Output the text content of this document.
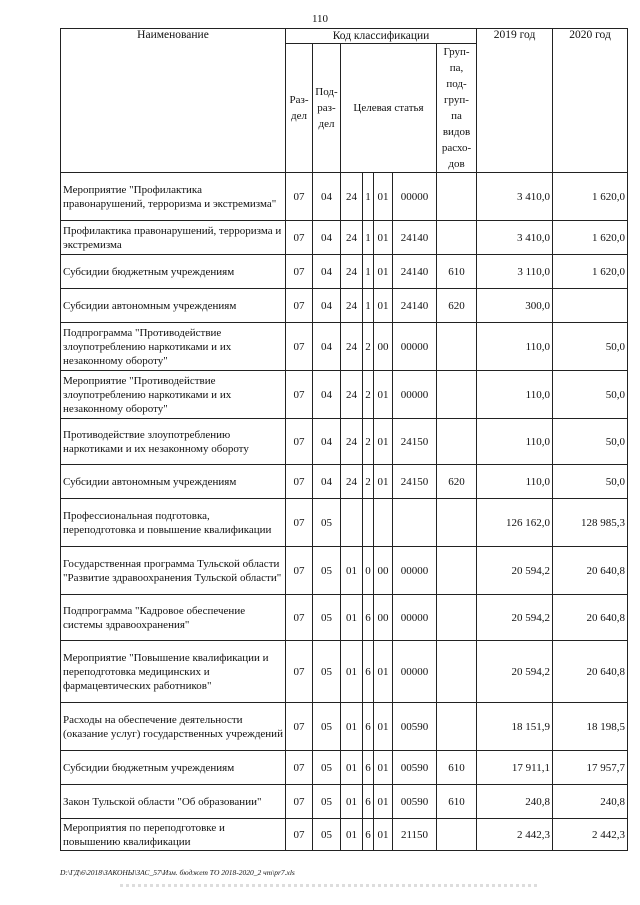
110
Наименование	Код классификации							2019 год	2020 год
	Раз-дел	Под-раз-дел	Целевая статья				Груп-па, под-груп-па видов расхо-дов		
Мероприятие "Профилактика правонарушений, терроризма и экстремизма"	07	04	24	1	01	00000		3 410,0	1 620,0
Профилактика правонарушений, терроризма и экстремизма	07	04	24	1	01	24140		3 410,0	1 620,0
Субсидии бюджетным учреждениям	07	04	24	1	01	24140	610	3 110,0	1 620,0
Субсидии автономным учреждениям	07	04	24	1	01	24140	620	300,0	
Подпрограмма "Противодействие злоупотреблению наркотиками и их незаконному обороту"	07	04	24	2	00	00000		110,0	50,0
Мероприятие "Противодействие злоупотреблению наркотиками и их незаконному обороту"	07	04	24	2	01	00000		110,0	50,0
Противодействие злоупотреблению наркотиками и их незаконному обороту	07	04	24	2	01	24150		110,0	50,0
Субсидии автономным учреждениям	07	04	24	2	01	24150	620	110,0	50,0
Профессиональная подготовка, переподготовка и повышение квалификации	07	05						126 162,0	128 985,3
Государственная программа Тульской области "Развитие здравоохранения Тульской области"	07	05	01	0	00	00000		20 594,2	20 640,8
Подпрограмма "Кадровое обеспечение системы здравоохранения"	07	05	01	6	00	00000		20 594,2	20 640,8
Мероприятие "Повышение квалификации и переподготовка медицинских и фармацевтических работников"	07	05	01	6	01	00000		20 594,2	20 640,8
Расходы на обеспечение деятельности (оказание услуг) государственных учреждений	07	05	01	6	01	00590		18 151,9	18 198,5
Субсидии бюджетным учреждениям	07	05	01	6	01	00590	610	17 911,1	17 957,7
Закон Тульской области "Об образовании"	07	05	01	6	01	00590	610	240,8	240,8
Мероприятия по переподготовке и повышению квалификации	07	05	01	6	01	21150		2 442,3	2 442,3
D:\ГД\6\2018\ЗАКОНЫ\ЗАС_57\Изм. бюджет ТО 2018-2020_2 чт\pr7.xls
